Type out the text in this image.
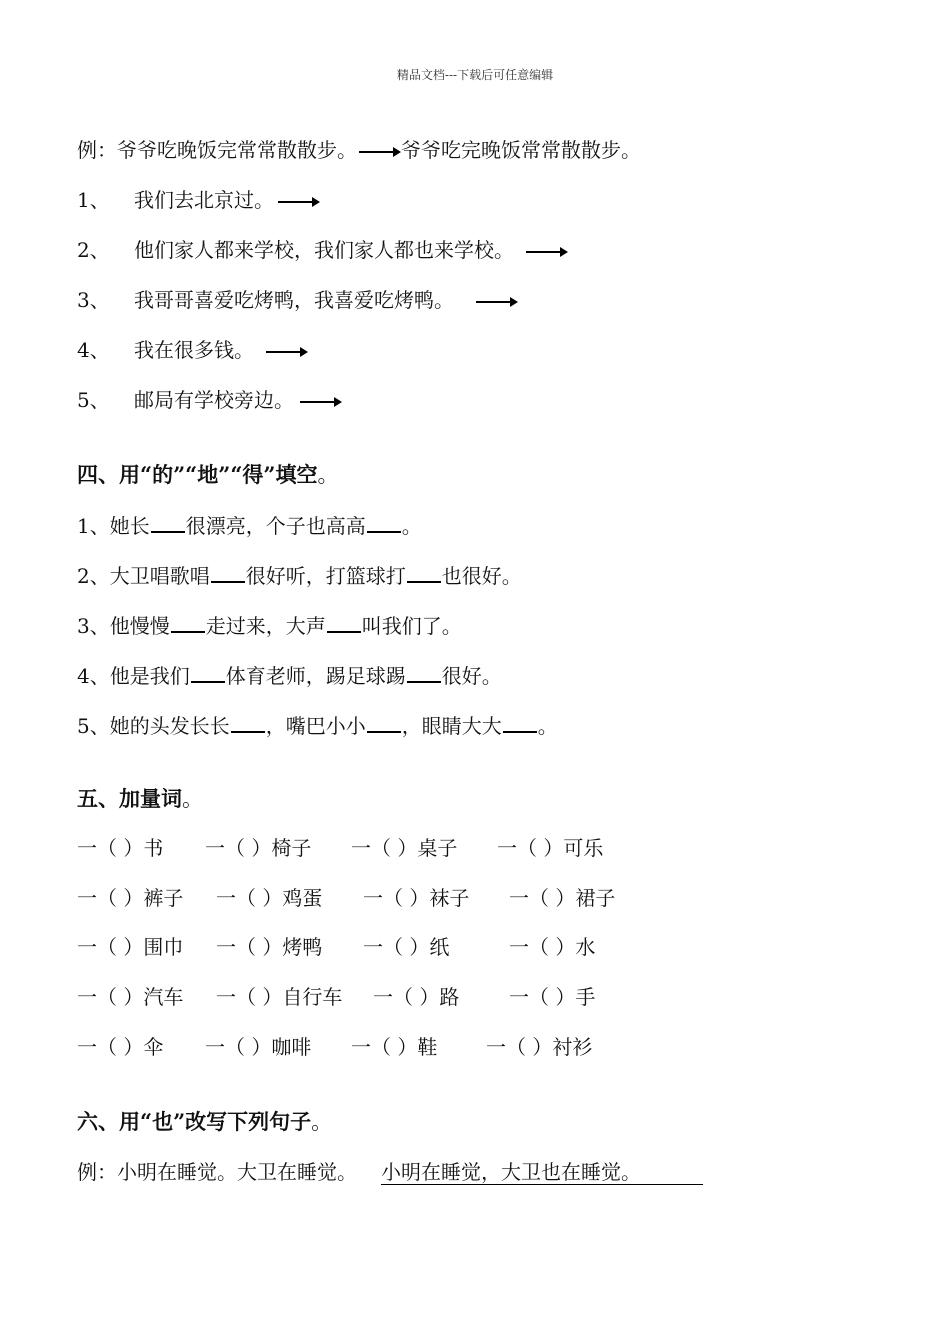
精品文档---下载后可任意编辑
例：爷爷吃晚饭完常常散散步。 爷爷吃完晚饭常常散散步。
1、 我们去北京过。
2、 他们家人都来学校，我们家人都也来学校。
3、 我哥哥喜爱吃烤鸭，我喜爱吃烤鸭。
4、 我在很多钱。
5、 邮局有学校旁边。
四、用“的”“地”“得”填空。
1、她长 很漂亮，个子也高高 。
2、大卫唱歌唱 很好听，打篮球打 也很好。
3、他慢慢 走过来，大声 叫我们了。
4、他是我们 体育老师，踢足球踢 很好。
5、她的头发长长 ，嘴巴小小 ，眼睛大大 。
五、加量词。
一（ ）书 一（ ）椅子 一（ ）桌子 一（ ）可乐
一（ ）裤子 一（ ）鸡蛋 一（ ）袜子 一（ ）裙子
一（ ）围巾 一（ ）烤鸭 一（ ）纸	一（ ）水
一（ ）汽车 一（ ）自行车 一（ ）路 一（ ）手
一（ ）伞 一（ ）咖啡 一（ ）鞋 一（ ）衬衫
六、用“也”改写下列句子。
例：小明在睡觉。大卫在睡觉。 小明在睡觉，大卫也在睡觉。
